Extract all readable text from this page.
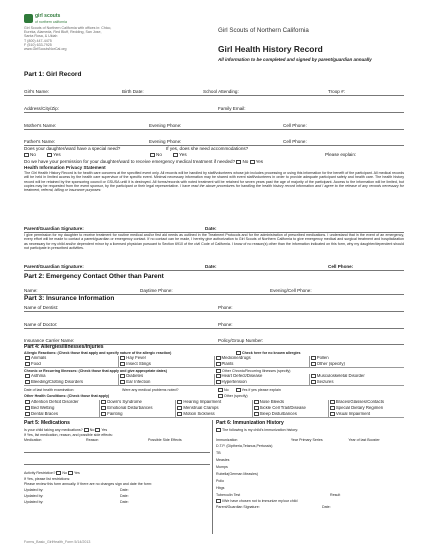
girl scouts
of northern california
Girl Scouts of Northern California with offices in: Chico,
Eureka, Alameda, Red Bluff, Redding, San Jose,
Santa Rosa, & Ukiah
T (800) 447-4475
F (510) 633-7925
www.GirlScoutsNorCal.org
Girl Scouts of Northern California
Girl Health History Record
All information to be completed and signed by parent/guardian annually
Part 1: Girl Record
Girl's Name:	Birth Date:	School Attending:	Troop #:
Address/City/Zip:	Family Email:
Mother's Name:	Evening Phone:	Cell Phone:
Father's Name:	Evening Phone:	Cell Phone:
Does your daughter/ward have a special need?	If yes, does she need accommodations?
No	Yes	No	Yes	Please explain:
Do we have your permission for your daughter/ward to receive emergency medical treatment if needed? No Yes
Health Information Privacy Statement
The Girl Health History Record is for health care concerns at the specified event only. All records will be handled by staff/volunteers whose job includes processing or using this information for the benefit of the participant. All medical records will be held in limited access by the health care supervisor of the specific event. Minimal necessary information may be shared with event staff/volunteers in order to provide adequate participant safety and health care. The health history record will be retained by the sponsoring council or GSUSA until it is destroyed. All forms/records with noted treatment will be retained for seven years past the age of majority of the participant. Access to the information will be limited, but copies may be requested from the event sponsor, by the participant or their legal representative. I have read the above procedures for handling the health history record information and I agree to the release of any records necessary for treatment, referral, billing or insurance purposes:
Parent/Guardian Signature:	Date:
I give permission for my daughter to receive treatment for routine medical and/or first aid needs as outlined in the Treatment Protocols and for the administration of prescribed medications. I understand that in the event of an emergency, every effort will be made to contact a parent/guardian or emergency contact. If no contact can be made, I hereby give authorization to Girl Scouts of Northern California to give emergency medical and surgical treatment and hospitalization as necessary for my child and/or dependent minor by a licensed physician pursuant to Section 6910 of the civil Code of California. I know of no reason(s) other than the information indicated on this form, why my daughter/dependent should not participate in prescribed activities.
Parent/Guardian Signature:	Date:	Cell Phone:
Part 2: Emergency Contact Other than Parent
Name:	Daytime Phone:	Evening/Cell Phone:
Part 3: Insurance Information
Name of Dentist:	Phone:
Name of Doctor:	Phone:
Insurance Carrier Name:	Policy/Group Number:
Part 4: Allergies/Illnesses/Injuries
Allergic Reactions: (Check those that apply and specify nature of the allergic reaction)	Check here for no known allergies
Animals	Hay Fever	Medicine/drugs	Pollen
Food	Insect Stings	Plants	Other (specify)
Chronic or Recurring Illnesses: (Check those that apply and give appropriate dates)	Other Chronic/Recurring Illnesses (specify)
Asthma	Diabetes	Heart Defect/Disease	Musculoskeletal Disorder
Bleeding/Clotting Disorders	Ear Infection	Hypertension	Seizures
Date of last health examination:	Were any medical problems noted?	No	Yes if yes please explain
Other Health Conditions: (Check those that apply)	Other (specify)
Attention Deficit Disorder	Down's Syndrome	Hearing Impairment	Nose Bleeds	Braces/Glasses/Contacts
Bed Wetting	Emotional Disturbances	Menstrual Cramps	Sickle Cell Trait/Disease	Special Dietary Regimen
Dental Braces	Fainting	Motion Sickness	Sleep Disturbances	Visual Impairment
Part 5: Medications
Is your child taking any medications? No Yes
If Yes, list medication, reason, and possible side effects:
Medication	Reason	Possible Side Effects
Activity Restriction? No Yes
If Yes, please list restrictions:
Please review this form annually. If there are no changes sign and date the form:
Updated by:	Date:
Updated by:	Date:
Updated by:	Date:
Part 6: Immunization History
The following is my child's immunization history:
Immunization	Year Primary Series	Year of last Booster
D.T.P. (Diptheria,Tetanus,Pertussis)
TB
Measles
Mumps
Rubella(German Measles)
Polio
Hbgs
Tuberculin Test	Result
I/We have chosen not to immunize my/our child
Parent/Guardian Signature:	Date:
Forms_Basic_GirlHealth_Form 5/14/2013
